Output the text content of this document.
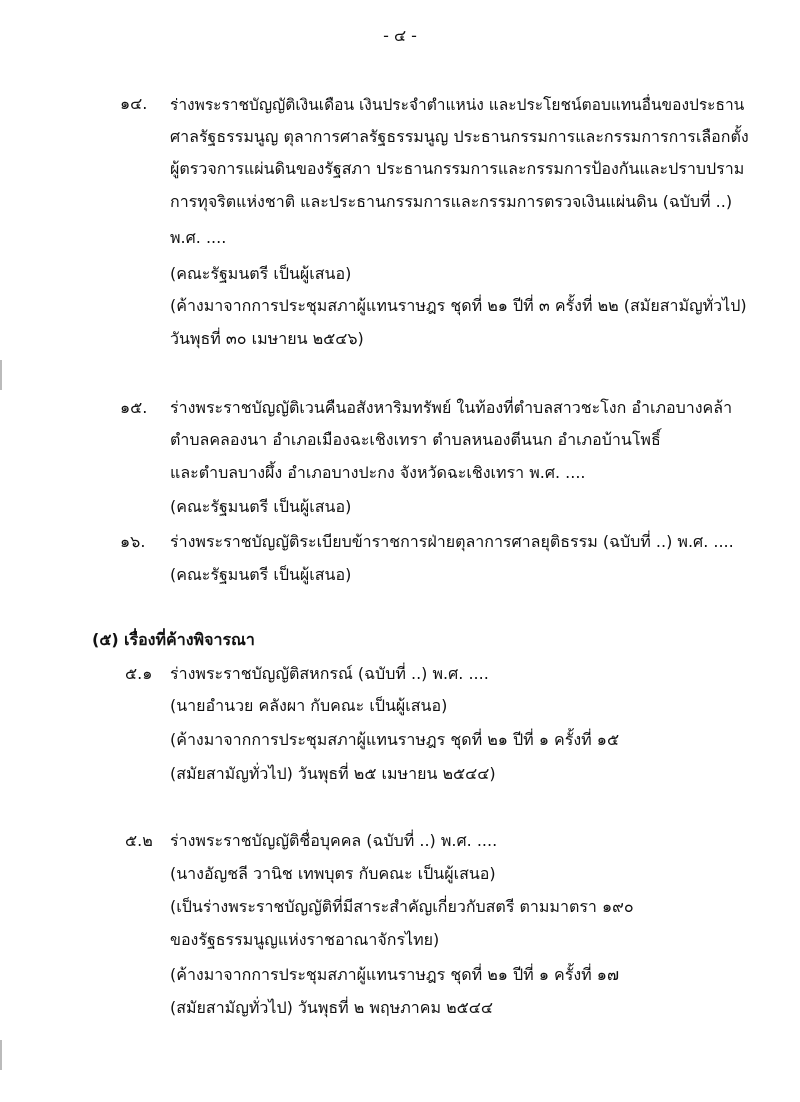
- ๔ -
๑๔. ร่างพระราชบัญญัติเงินเดือน เงินประจำตำแหน่ง และประโยชน์ตอบแทนอื่นของประธาน
ศาลรัฐธรรมนูญ ตุลาการศาลรัฐธรรมนูญ ประธานกรรมการและกรรมการการเลือกตั้ง
ผู้ตรวจการแผ่นดินของรัฐสภา ประธานกรรมการและกรรมการป้องกันและปราบปราม
การทุจริตแห่งชาติ และประธานกรรมการและกรรมการตรวจเงินแผ่นดิน (ฉบับที่ ..)
พ.ศ. ....
(คณะรัฐมนตรี เป็นผู้เสนอ)
(ค้างมาจากการประชุมสภาผู้แทนราษฎร ชุดที่ ๒๑ ปีที่ ๓ ครั้งที่ ๒๒ (สมัยสามัญทั่วไป)
วันพุธที่ ๓๐ เมษายน ๒๕๔๖)
๑๕. ร่างพระราชบัญญัติเวนคืนอสังหาริมทรัพย์ ในท้องที่ตำบลสาวชะโงก อำเภอบางคล้า
ตำบลคลองนา อำเภอเมืองฉะเชิงเทรา ตำบลหนองตีนนก อำเภอบ้านโพธิ์
และตำบลบางผึ้ง อำเภอบางปะกง จังหวัดฉะเชิงเทรา พ.ศ. ....
(คณะรัฐมนตรี เป็นผู้เสนอ)
๑๖. ร่างพระราชบัญญัติระเบียบข้าราชการฝ่ายตุลาการศาลยุติธรรม (ฉบับที่ ..) พ.ศ. ....
(คณะรัฐมนตรี เป็นผู้เสนอ)
(๕) เรื่องที่ค้างพิจารณา
๕.๑ ร่างพระราชบัญญัติสหกรณ์ (ฉบับที่ ..) พ.ศ. ....
(นายอำนวย คลังผา กับคณะ เป็นผู้เสนอ)
(ค้างมาจากการประชุมสภาผู้แทนราษฎร ชุดที่ ๒๑ ปีที่ ๑ ครั้งที่ ๑๕
(สมัยสามัญทั่วไป) วันพุธที่ ๒๕ เมษายน ๒๕๔๔)
๕.๒ ร่างพระราชบัญญัติชื่อบุคคล (ฉบับที่ ..) พ.ศ. ....
(นางอัญชลี วานิช เทพบุตร กับคณะ เป็นผู้เสนอ)
(เป็นร่างพระราชบัญญัติที่มีสาระสำคัญเกี่ยวกับสตรี ตามมาตรา ๑๙๐
ของรัฐธรรมนูญแห่งราชอาณาจักรไทย)
(ค้างมาจากการประชุมสภาผู้แทนราษฎร ชุดที่ ๒๑ ปีที่ ๑ ครั้งที่ ๑๗
(สมัยสามัญทั่วไป) วันพุธที่ ๒ พฤษภาคม ๒๕๔๔
